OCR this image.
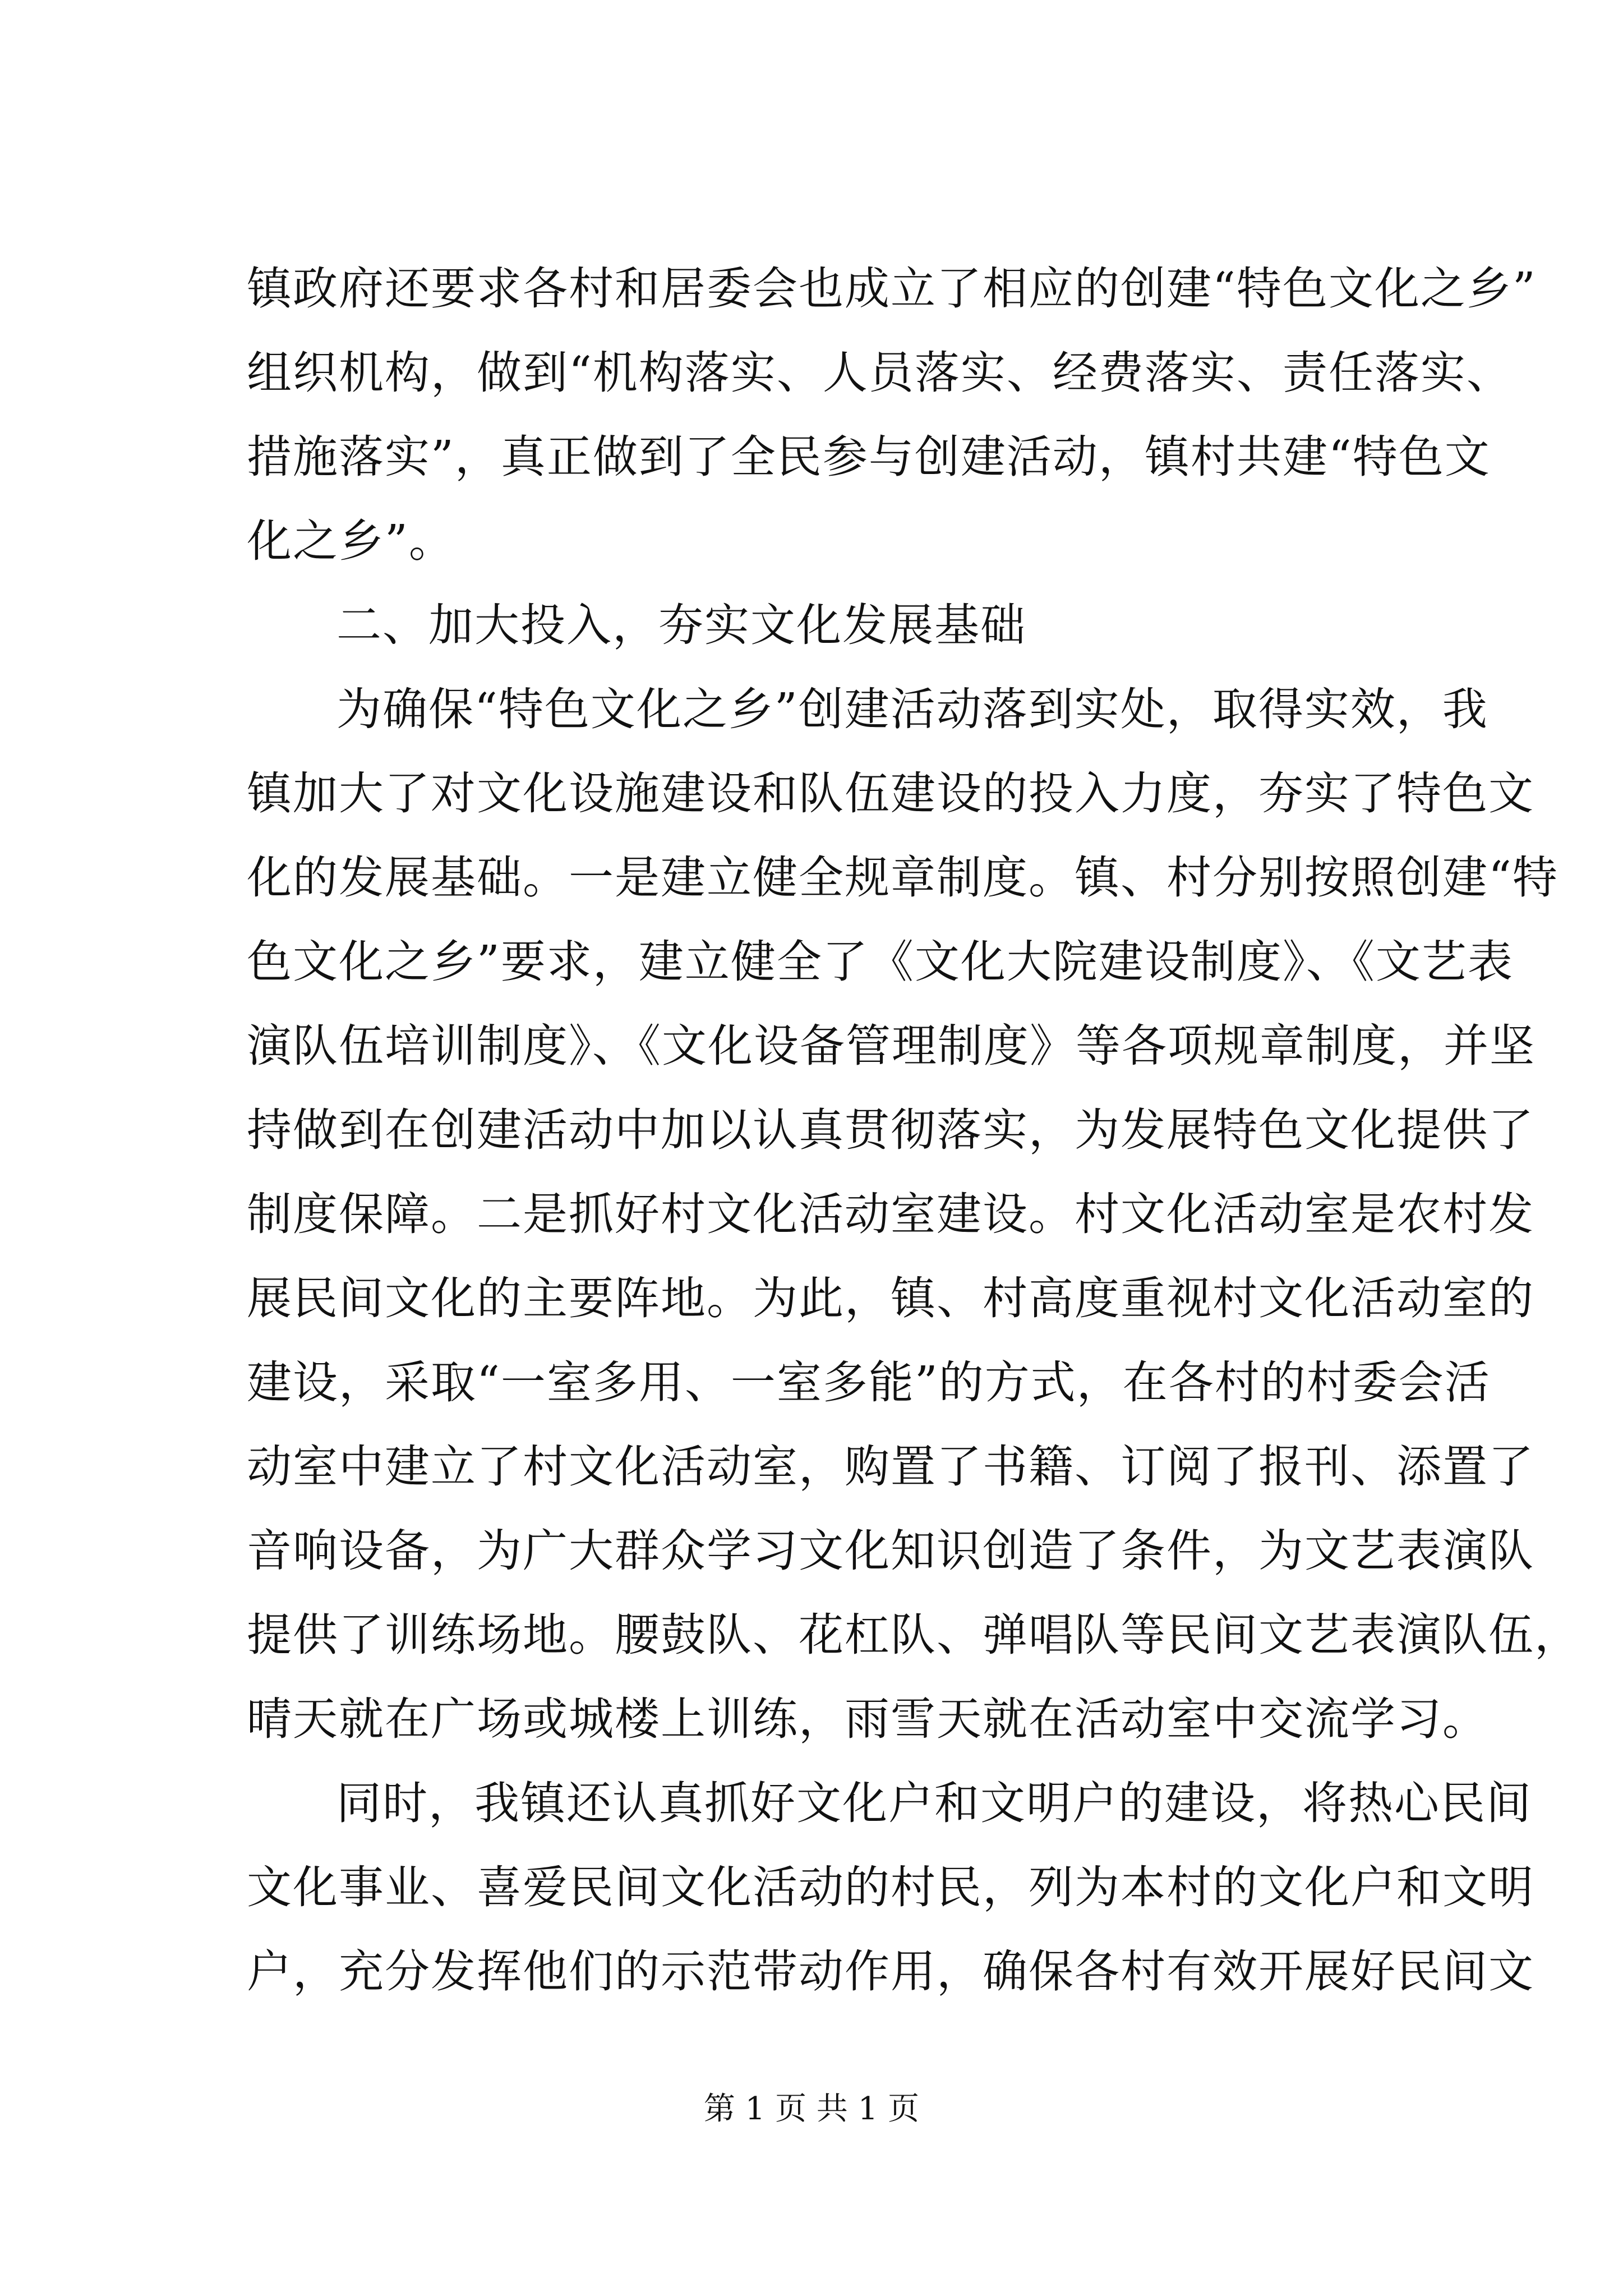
镇政府还要求各村和居委会也成立了相应的创建“特色文化之乡”
组织机构，做到“机构落实、人员落实、经费落实、责任落实、
措施落实”，真正做到了全民参与创建活动，镇村共建“特色文
化之乡”。
二、加大投入，夯实文化发展基础
为确保“特色文化之乡”创建活动落到实处，取得实效，我
镇加大了对文化设施建设和队伍建设的投入力度，夯实了特色文
化的发展基础。一是建立健全规章制度。镇、村分别按照创建“特
色文化之乡”要求，建立健全了《文化大院建设制度》、《文艺表
演队伍培训制度》、《文化设备管理制度》等各项规章制度，并坚
持做到在创建活动中加以认真贯彻落实，为发展特色文化提供了
制度保障。二是抓好村文化活动室建设。村文化活动室是农村发
展民间文化的主要阵地。为此，镇、村高度重视村文化活动室的
建设，采取“一室多用、一室多能”的方式，在各村的村委会活
动室中建立了村文化活动室，购置了书籍、订阅了报刊、添置了
音响设备，为广大群众学习文化知识创造了条件，为文艺表演队
提供了训练场地。腰鼓队、花杠队、弹唱队等民间文艺表演队伍，
晴天就在广场或城楼上训练，雨雪天就在活动室中交流学习。
同时，我镇还认真抓好文化户和文明户的建设，将热心民间
文化事业、喜爱民间文化活动的村民，列为本村的文化户和文明
户，充分发挥他们的示范带动作用，确保各村有效开展好民间文
第 1 页 共 1 页
